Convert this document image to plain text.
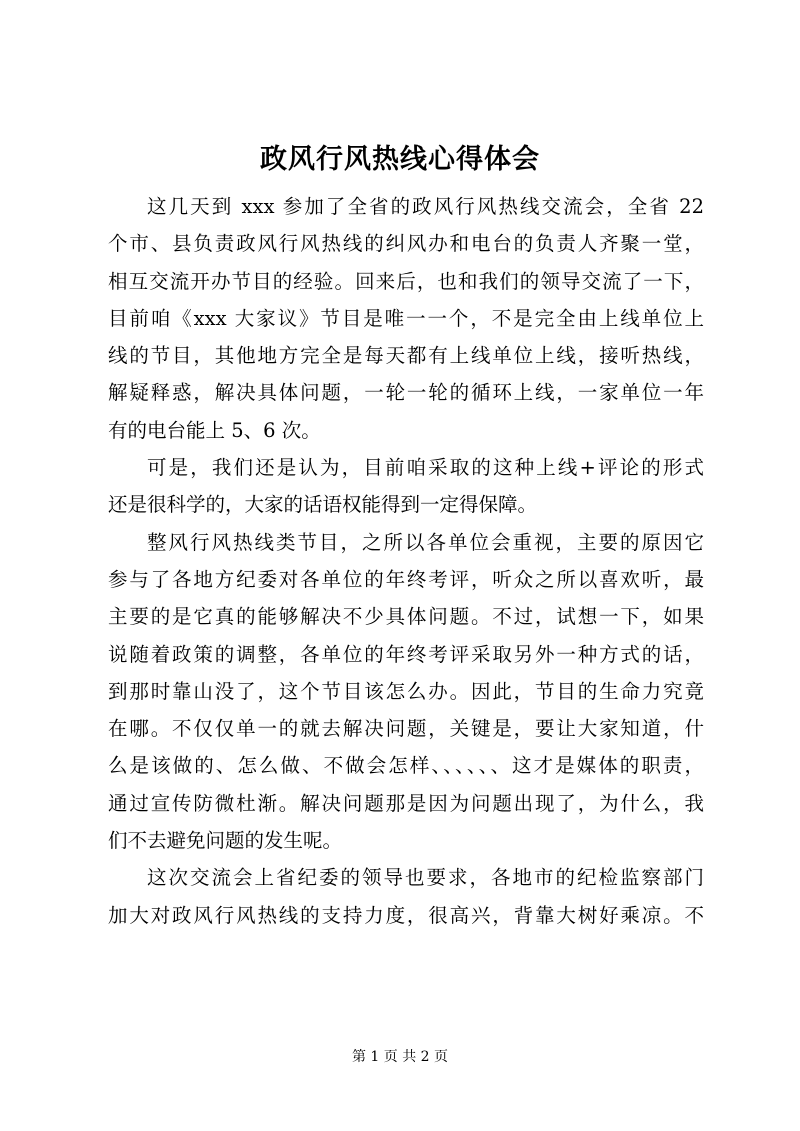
政风行风热线心得体会

这几天到 xxx 参加了全省的政风行风热线交流会，全省 22
个市、县负责政风行风热线的纠风办和电台的负责人齐聚一堂，
相互交流开办节目的经验。回来后，也和我们的领导交流了一下，
目前咱《xxx 大家议》节目是唯一一个，不是完全由上线单位上
线的节目，其他地方完全是每天都有上线单位上线，接听热线，
解疑释惑，解决具体问题，一轮一轮的循环上线，一家单位一年
有的电台能上 5、6 次。

可是，我们还是认为，目前咱采取的这种上线+评论的形式
还是很科学的，大家的话语权能得到一定得保障。

整风行风热线类节目，之所以各单位会重视，主要的原因它
参与了各地方纪委对各单位的年终考评，听众之所以喜欢听，最
主要的是它真的能够解决不少具体问题。不过，试想一下，如果
说随着政策的调整，各单位的年终考评采取另外一种方式的话，
到那时靠山没了，这个节目该怎么办。因此，节目的生命力究竟
在哪。不仅仅单一的就去解决问题，关键是，要让大家知道，什
么是该做的、怎么做、不做会怎样、、、、、、这才是媒体的职责，
通过宣传防微杜渐。解决问题那是因为问题出现了，为什么，我
们不去避免问题的发生呢。

这次交流会上省纪委的领导也要求，各地市的纪检监察部门
加大对政风行风热线的支持力度，很高兴，背靠大树好乘凉。不

第 1 页 共 2 页
